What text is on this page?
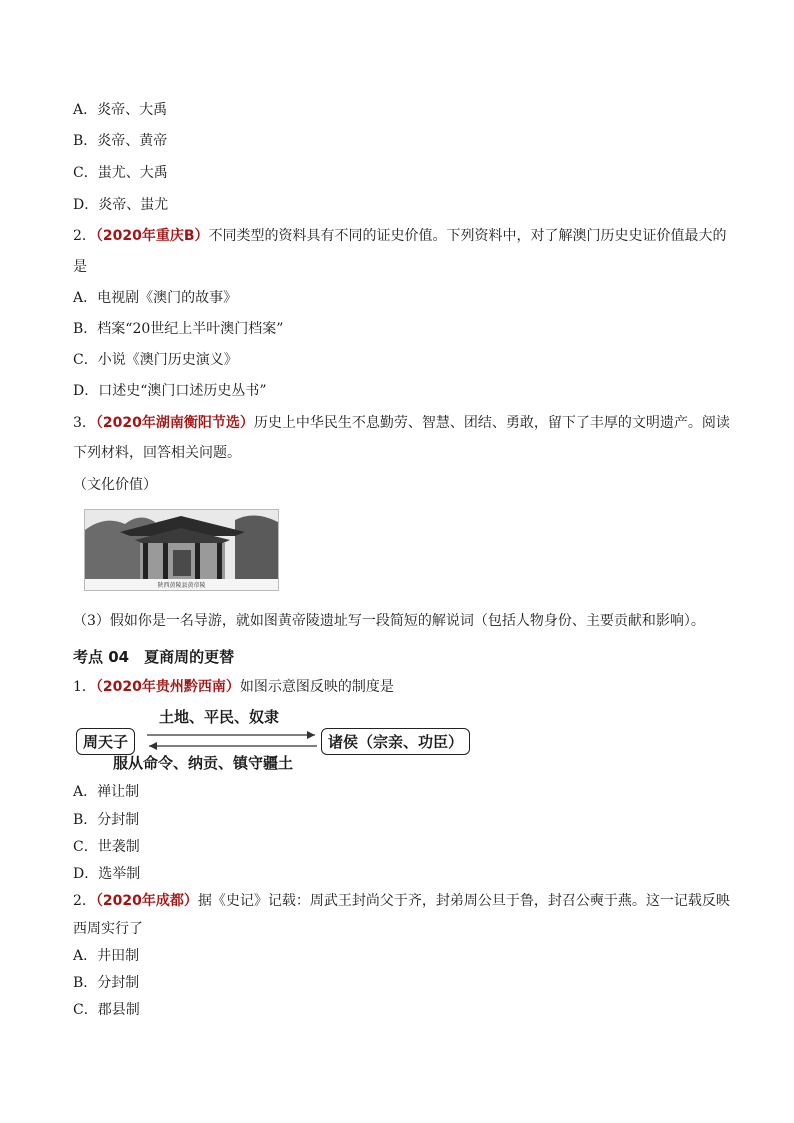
A．炎帝、大禹
B．炎帝、黄帝
C．蚩尤、大禹
D．炎帝、蚩尤
2．（2020年重庆B）不同类型的资料具有不同的证史价值。下列资料中，对了解澳门历史史证价值最大的
是
A．电视剧《澳门的故事》
B．档案“20世纪上半叶澳门档案”
C．小说《澳门历史演义》
D．口述史“澳门口述历史丛书”
3．（2020年湖南衡阳节选）历史上中华民生不息勤劳、智慧、团结、勇敢，留下了丰厚的文明遗产。阅读
下列材料，回答相关问题。
（文化价值）
陕西黄陵县黄帝陵
（3）假如你是一名导游，就如图黄帝陵遗址写一段简短的解说词（包括人物身份、主要贡献和影响）。
考点 04　夏商周的更替
1．（2020年贵州黔西南）如图示意图反映的制度是
土地、平民、奴隶
周天子	诸侯（宗亲、功臣）
服从命令、纳贡、镇守疆土
A．禅让制
B．分封制
C．世袭制
D．选举制
2．（2020年成都）据《史记》记载：周武王封尚父于齐，封弟周公旦于鲁，封召公奭于燕。这一记载反映
西周实行了
A．井田制
B．分封制
C．郡县制
